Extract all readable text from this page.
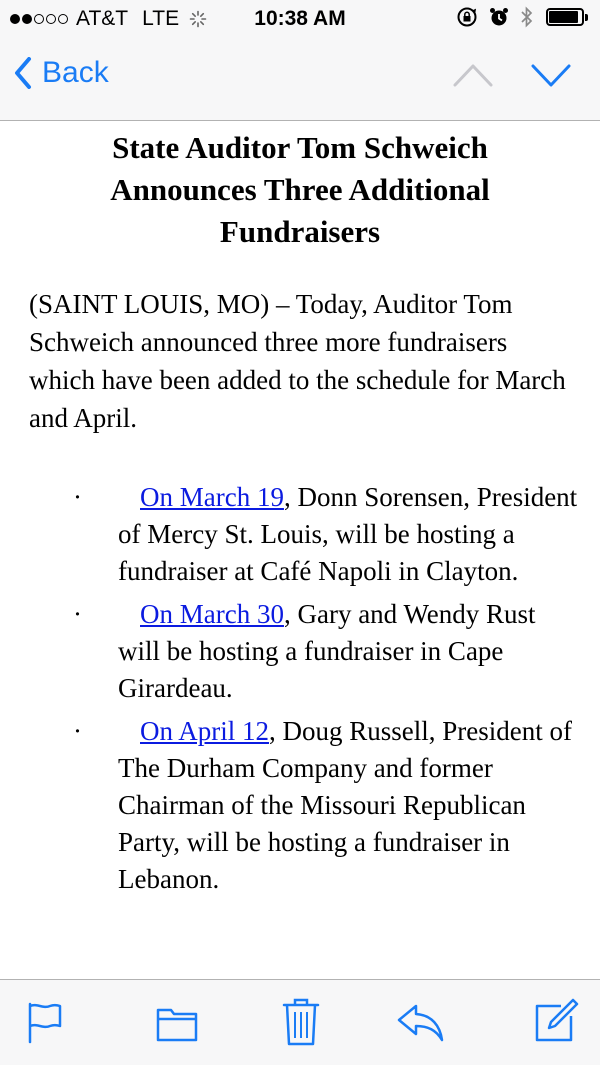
AT&T LTE	10:38 AM
Back
State Auditor Tom Schweich Announces Three Additional Fundraisers
(SAINT LOUIS, MO) – Today, Auditor Tom Schweich announced three more fundraisers which have been added to the schedule for March and April.
· On March 19, Donn Sorensen, President of Mercy St. Louis, will be hosting a fundraiser at Café Napoli in Clayton.
· On March 30, Gary and Wendy Rust will be hosting a fundraiser in Cape Girardeau.
· On April 12, Doug Russell, President of The Durham Company and former Chairman of the Missouri Republican Party, will be hosting a fundraiser in Lebanon.
